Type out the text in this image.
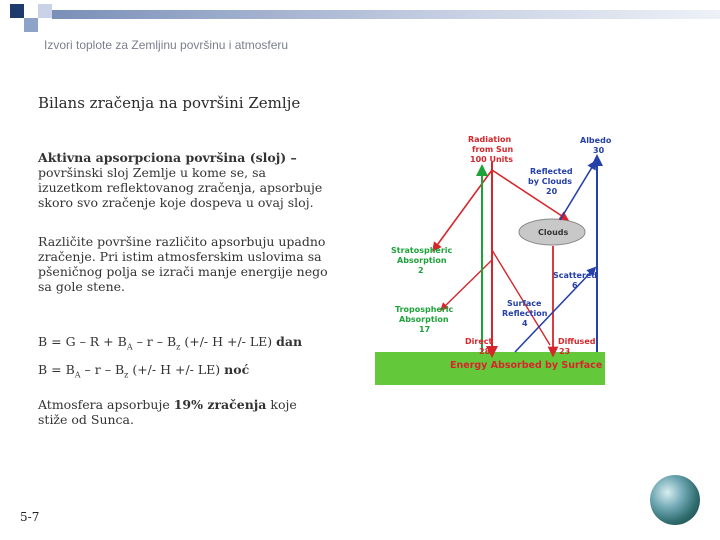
Izvori toplote za Zemljinu površinu i atmosferu
Bilans zračenja na površini Zemlje
Aktivna apsorpciona površina (sloj) – površinski sloj Zemlje u kome se, sa izuzetkom reflektovanog zračenja, apsorbuje skoro svo zračenje koje dospeva u ovaj sloj.
Različite površine različito apsorbuju upadno zračenje. Pri istim atmosferskim uslovima sa pšeničnog polja se izrači manje energije nego sa gole stene.
$B = G - R + B_A - r - B_z$ (+/- H +/- LE) dan
$B = B_A - r - B_z$ (+/- H +/- LE) noć
Atmosfera apsorbuje 19% zračenja koje stiže od Sunca.
5-7
Radiation
from Sun
100 Units
Albedo
30
Reflected
by Clouds
20
Clouds
Stratospheric
Absorption
2
Scattered
6
Surface
Reflection
4
Tropospheric
Absorption
17
Direct
28
Diffused
23
Energy Absorbed by Surface
